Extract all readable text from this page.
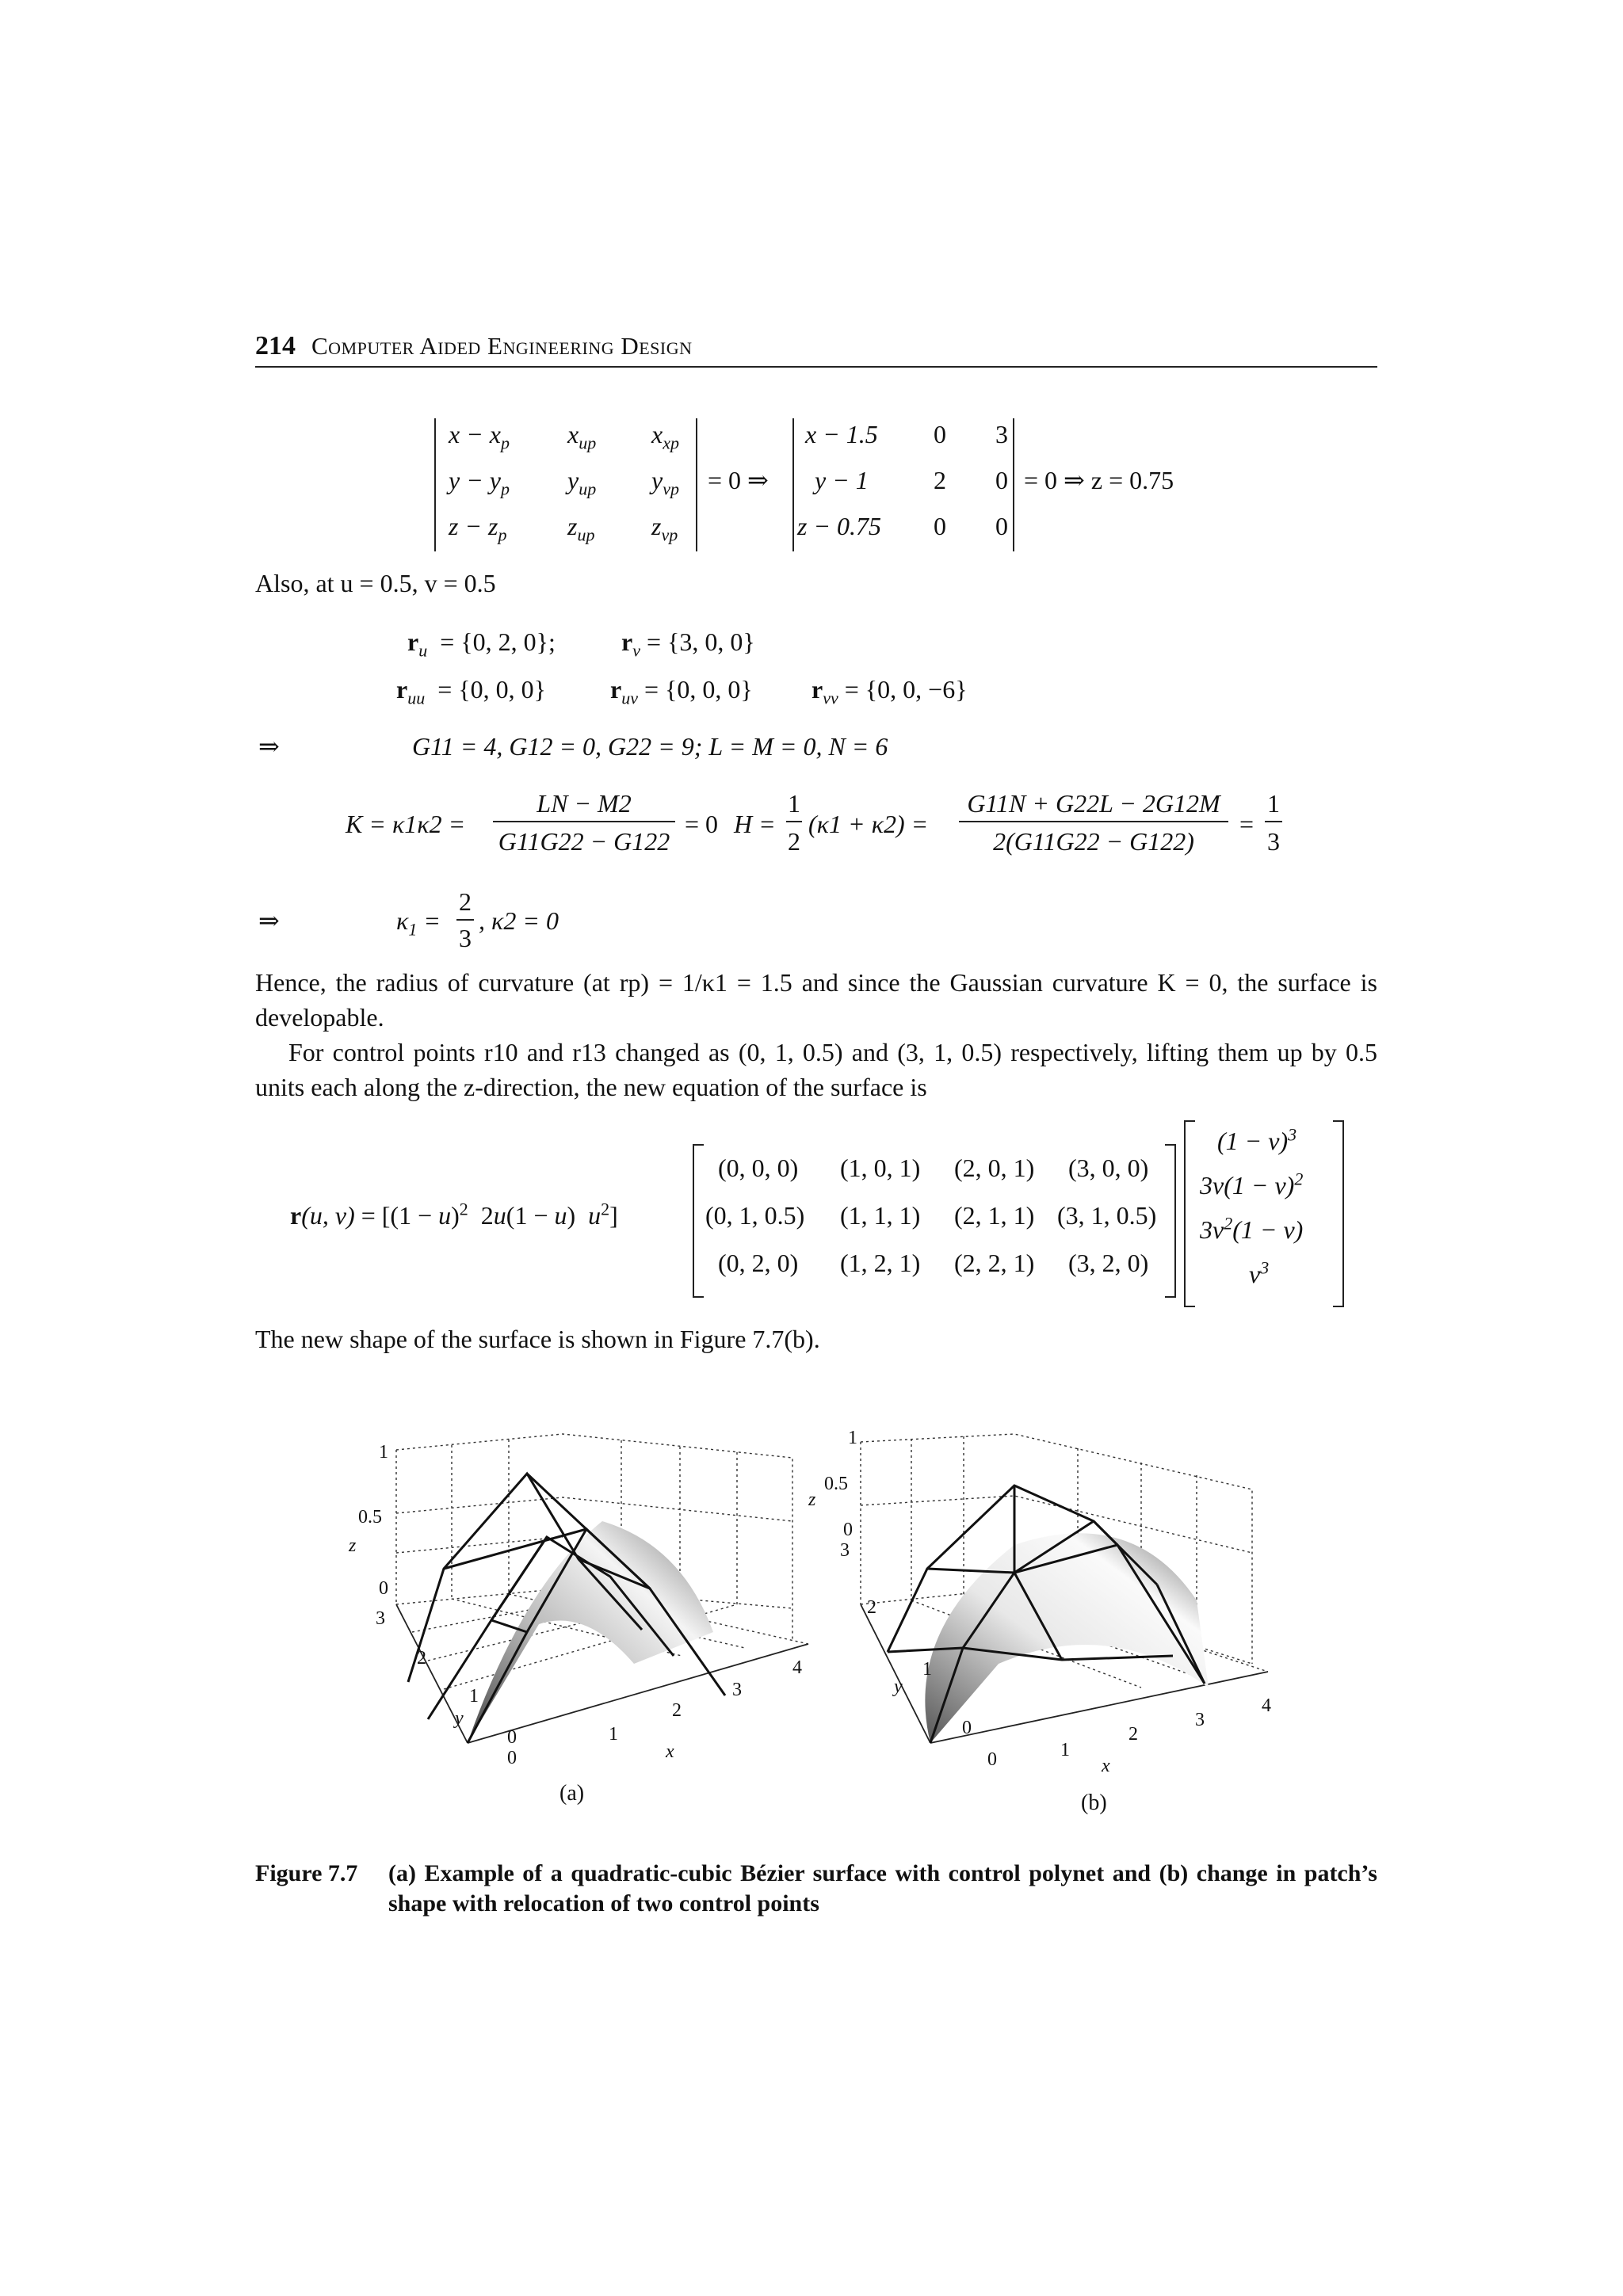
214 Computer Aided Engineering Design
$x - x_p$ $x_{up}$ $x_{xp}$
$y - y_p$ $y_{up}$ $y_{vp}$
$z - z_p$ $z_{up}$ $z_{vp}$
= 0 ⇒
x − 1.5 0 3
y − 1	2 0
z − 0.75 0 0
= 0 ⇒ z = 0.75
Also, at u = 0.5, v = 0.5
$r_u = \{0$, 2, 0};	$r_v = \{3$, 0, 0}
$r_{uu} = \{0$, 0, 0}	$r_{uv} = \{0$, 0, 0} $r_{vv} = \{0$, 0, −6}
⇒	G11 = 4, G12 = 0, G22 = 9; L = M = 0, N = 6
K = κ1κ2 =
LN − M2
G11G22 − G122
= 0 H =
1
2
(κ1 + κ2) =
G11N + G22L − 2G12M
2(G11G22 − G122)
=
1
3
⇒	$\kappa_1$ =
2
3
, κ2 = 0
Hence, the radius of curvature (at rp) = 1/κ1 = 1.5 and since the Gaussian curvature K = 0, the surface is developable.
For control points r10 and r13 changed as (0, 1, 0.5) and (3, 1, 0.5) respectively, lifting them up by 0.5 units each along the z-direction, the new equation of the surface is
r(u, $v) = [(1 - u)^2$  2u(1 − u)  $u^2$]
(0, 0, 0) (1, 0, 1) (2, 0, 1) (3, 0, 0)
(0, 1, 0.5) (1, 1, 1) (2, 1, 1) (3, 1, 0.5)
(0, 2, 0) (1, 2, 1) (2, 2, 1) (3, 2, 0)
$(1 - v)^3$
$3v(1 - v)^2$
$3v^2(1 - v)$
$v^3$
The new shape of the surface is shown in Figure 7.7(b).
1
0.5
0
z
3
2
1
0
y
0
1
2
3
4
x
(a)
1
0.5
0
z
3
2
1
0
y
0	1
2
3
4
x
(b)
Figure 7.7	(a) Example of a quadratic-cubic Bézier surface with control polynet and (b) change in patch’s shape with relocation of two control points
